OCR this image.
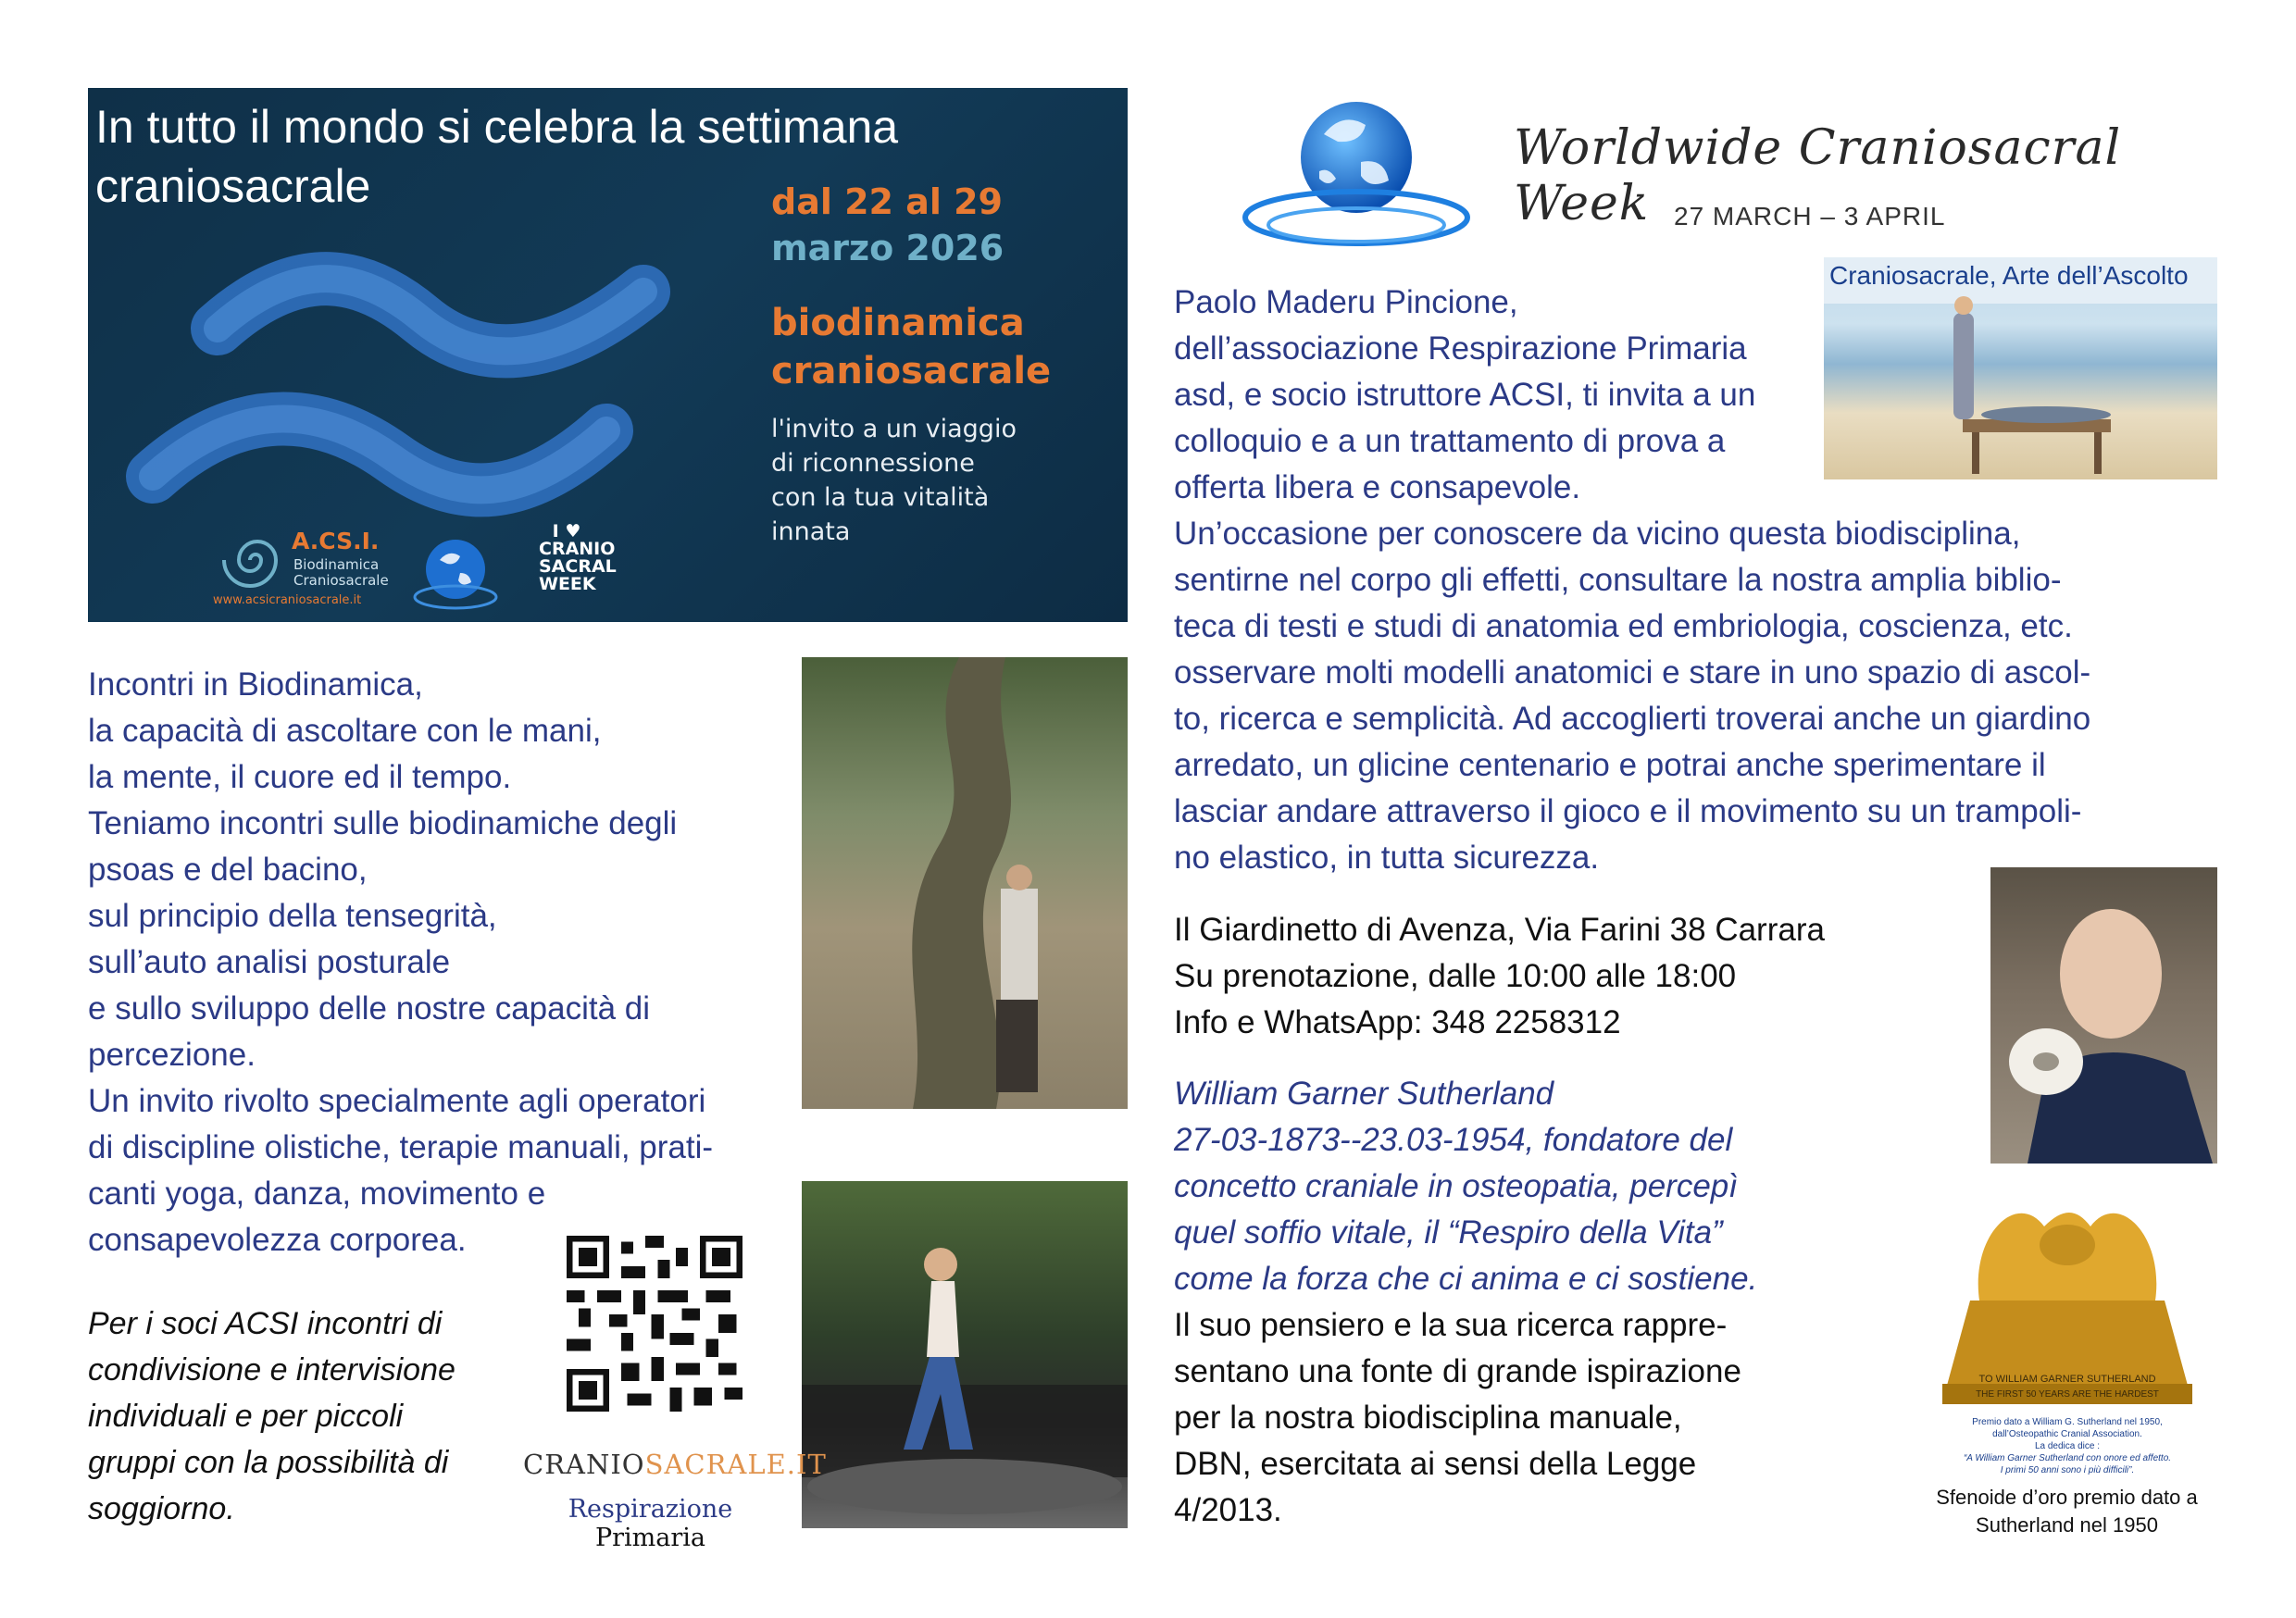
In tutto il mondo si celebra la settimana craniosacrale	dal 22 al 29
marzo 2026
biodinamica
craniosacrale
l'invito a un viaggio
di riconnessione
con la tua vitalità
innata
A.CS.I.
Biodinamica
Craniosacrale
www.acsicraniosacrale.it
I ♥
CRANIO
SACRAL
WEEK
Worldwide Craniosacral Week 27 MARCH – 3 APRIL
Craniosacrale, Arte dell’Ascolto
TO WILLIAM GARNER SUTHERLAND
THE FIRST 50 YEARS ARE THE HARDEST
Premio dato a William G. Sutherland nel 1950,
dall’Osteopathic Cranial Association.
La dedica dice :
“A William Garner Sutherland con onore ed affetto.
I primi 50 anni sono i più difficili”.
Sfenoide d’oro premio dato a
Sutherland nel 1950
Incontri in Biodinamica,
la capacità di ascoltare con le mani,
la mente, il cuore ed il tempo.
Teniamo incontri sulle biodinamiche degli
psoas e del bacino,
sul principio della tensegrità,
sull’auto analisi posturale
e sullo sviluppo delle nostre capacità di
percezione.
Un invito rivolto specialmente agli operatori
di discipline olistiche, terapie manuali, prati-
canti yoga, danza, movimento e
consapevolezza corporea.
Per i soci ACSI incontri di
condivisione e intervisione
individuali e per piccoli
gruppi con la possibilità di
soggiorno.
CRANIOSACRALE.IT
Respirazione Primaria
Paolo Maderu Pincione,
dell’associazione Respirazione Primaria
asd, e socio istruttore ACSI, ti invita a un
colloquio e a un trattamento di prova a
offerta libera e consapevole.
Un’occasione per conoscere da vicino questa biodisciplina,
sentirne nel corpo gli effetti, consultare la nostra amplia biblio-
teca di testi e studi di anatomia ed embriologia, coscienza, etc.
osservare molti modelli anatomici e stare in uno spazio di ascol-
to, ricerca e semplicità. Ad accoglierti troverai anche un giardino
arredato, un glicine centenario e potrai anche sperimentare il
lasciar andare attraverso il gioco e il movimento su un trampoli-
no elastico, in tutta sicurezza.
Il Giardinetto di Avenza, Via Farini 38 Carrara
Su prenotazione, dalle 10:00 alle 18:00
Info e WhatsApp: 348 2258312
William Garner Sutherland
27-03-1873--23.03-1954, fondatore del
concetto craniale in osteopatia, percepì
quel soffio vitale, il “Respiro della Vita”
come la forza che ci anima e ci sostiene.
Il suo pensiero e la sua ricerca rappre-
sentano una fonte di grande ispirazione
per la nostra biodisciplina manuale,
DBN, esercitata ai sensi della Legge
4/2013.
